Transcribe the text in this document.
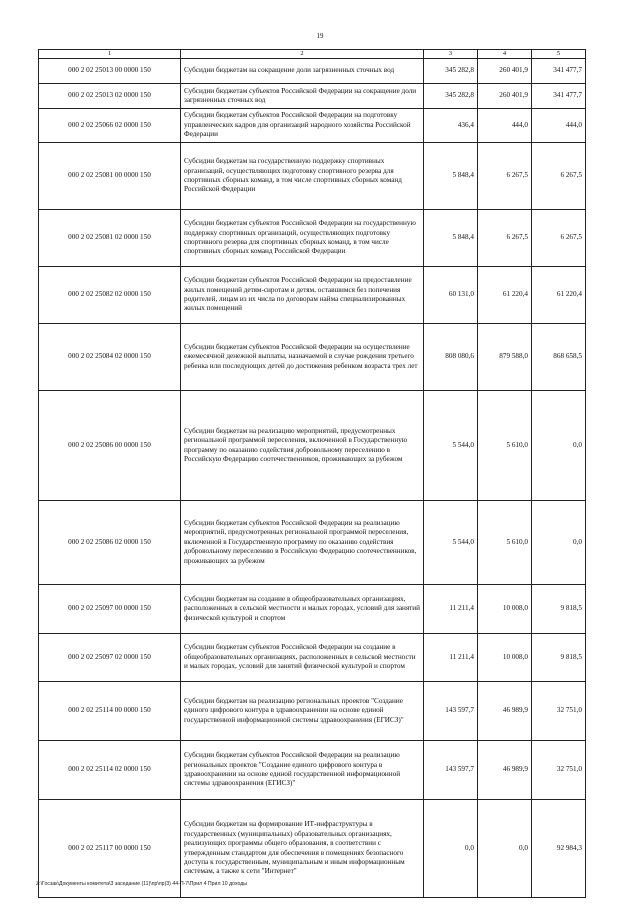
19
1	2	3	4	5
000 2 02 25013 00 0000 150	Субсидии бюджетам на сокращение доли загрязненных сточных вод	345 282,8	260 401,9	341 477,7
000 2 02 25013 02 0000 150	Субсидии бюджетам субъектов Российской Федерации на сокращение доли загрязненных сточных вод	345 282,8	260 401,9	341 477,7
000 2 02 25066 02 0000 150	Субсидии бюджетам субъектов Российской Федерации на подготовку управленческих кадров для организаций народного хозяйства Российской Федерации	436,4	444,0	444,0
000 2 02 25081 00 0000 150	Субсидии бюджетам на государственную поддержку спортивных организаций, осуществляющих подготовку спортивного резерва для спортивных сборных команд, в том числе спортивных сборных команд Российской Федерации	5 848,4	6 267,5	6 267,5
000 2 02 25081 02 0000 150	Субсидии бюджетам субъектов Российской Федерации на государственную поддержку спортивных организаций, осуществляющих подготовку спортивного резерва для спортивных сборных команд, в том числе спортивных сборных команд Российской Федерации	5 848,4	6 267,5	6 267,5
000 2 02 25082 02 0000 150	Субсидии бюджетам субъектов Российской Федерации на предоставление жилых помещений детям-сиротам и детям, оставшимся без попечения родителей, лицам из их числа по договорам найма специализированных жилых помещений	60 131,0	61 220,4	61 220,4
000 2 02 25084 02 0000 150	Субсидии бюджетам субъектов Российской Федерации на осуществление ежемесячной денежной выплаты, назначаемой в случае рождения третьего ребенка или последующих детей до достижения ребенком возраста трех лет	808 080,6	879 588,0	868 658,5
000 2 02 25086 00 0000 150	Субсидии бюджетам на реализацию мероприятий, предусмотренных региональной программой переселения, включенной в Государственную программу по оказанию содействия добровольному переселению в Российскую Федерацию соотечественников, проживающих за рубежом	5 544,0	5 610,0	0,0
000 2 02 25086 02 0000 150	Субсидии бюджетам субъектов Российской Федерации на реализацию мероприятий, предусмотренных региональной программой переселения, включенной в Государственную программу по оказанию содействия добровольному переселению в Российскую Федерацию соотечественников, проживающих за рубежом	5 544,0	5 610,0	0,0
000 2 02 25097 00 0000 150	Субсидии бюджетам на создание в общеобразовательных организациях, расположенных в сельской местности и малых городах, условий для занятий физической культурой и спортом	11 211,4	10 008,0	9 818,5
000 2 02 25097 02 0000 150	Субсидии бюджетам субъектов Российской Федерации на создание в общеобразовательных организациях, расположенных в сельской местности и малых городах, условий для занятий физической культурой и спортом	11 211,4	10 008,0	9 818,5
000 2 02 25114 00 0000 150	Субсидии бюджетам на реализацию региональных проектов "Создание единого цифрового контура в здравоохранении на основе единой государственной информационной системы здравоохранения (ЕГИСЗ)"	143 597,7	46 989,9	32 751,0
000 2 02 25114 02 0000 150	Субсидии бюджетам субъектов Российской Федерации на реализацию региональных проектов "Создание единого цифрового контура в здравоохранении на основе единой государственной информационной системы здравоохранения (ЕГИСЗ)"	143 597,7	46 989,9	32 751,0
000 2 02 25117 00 0000 150	Субсидии бюджетам на формирование ИТ-инфраструктуры в государственных (муниципальных) образовательных организациях, реализующих программы общего образования, в соответствии с утвержденным стандартом для обеспечения в помещениях безопасного доступа к государственным, муниципальным и иным информационным системам, а также к сети "Интернет"	0,0	0,0	92 984,3
Z:\Госзак\Документы комитета\3 заседание (11)\пр\пр(3) 44-П-7\Прил 4 Прил 10 доходы
